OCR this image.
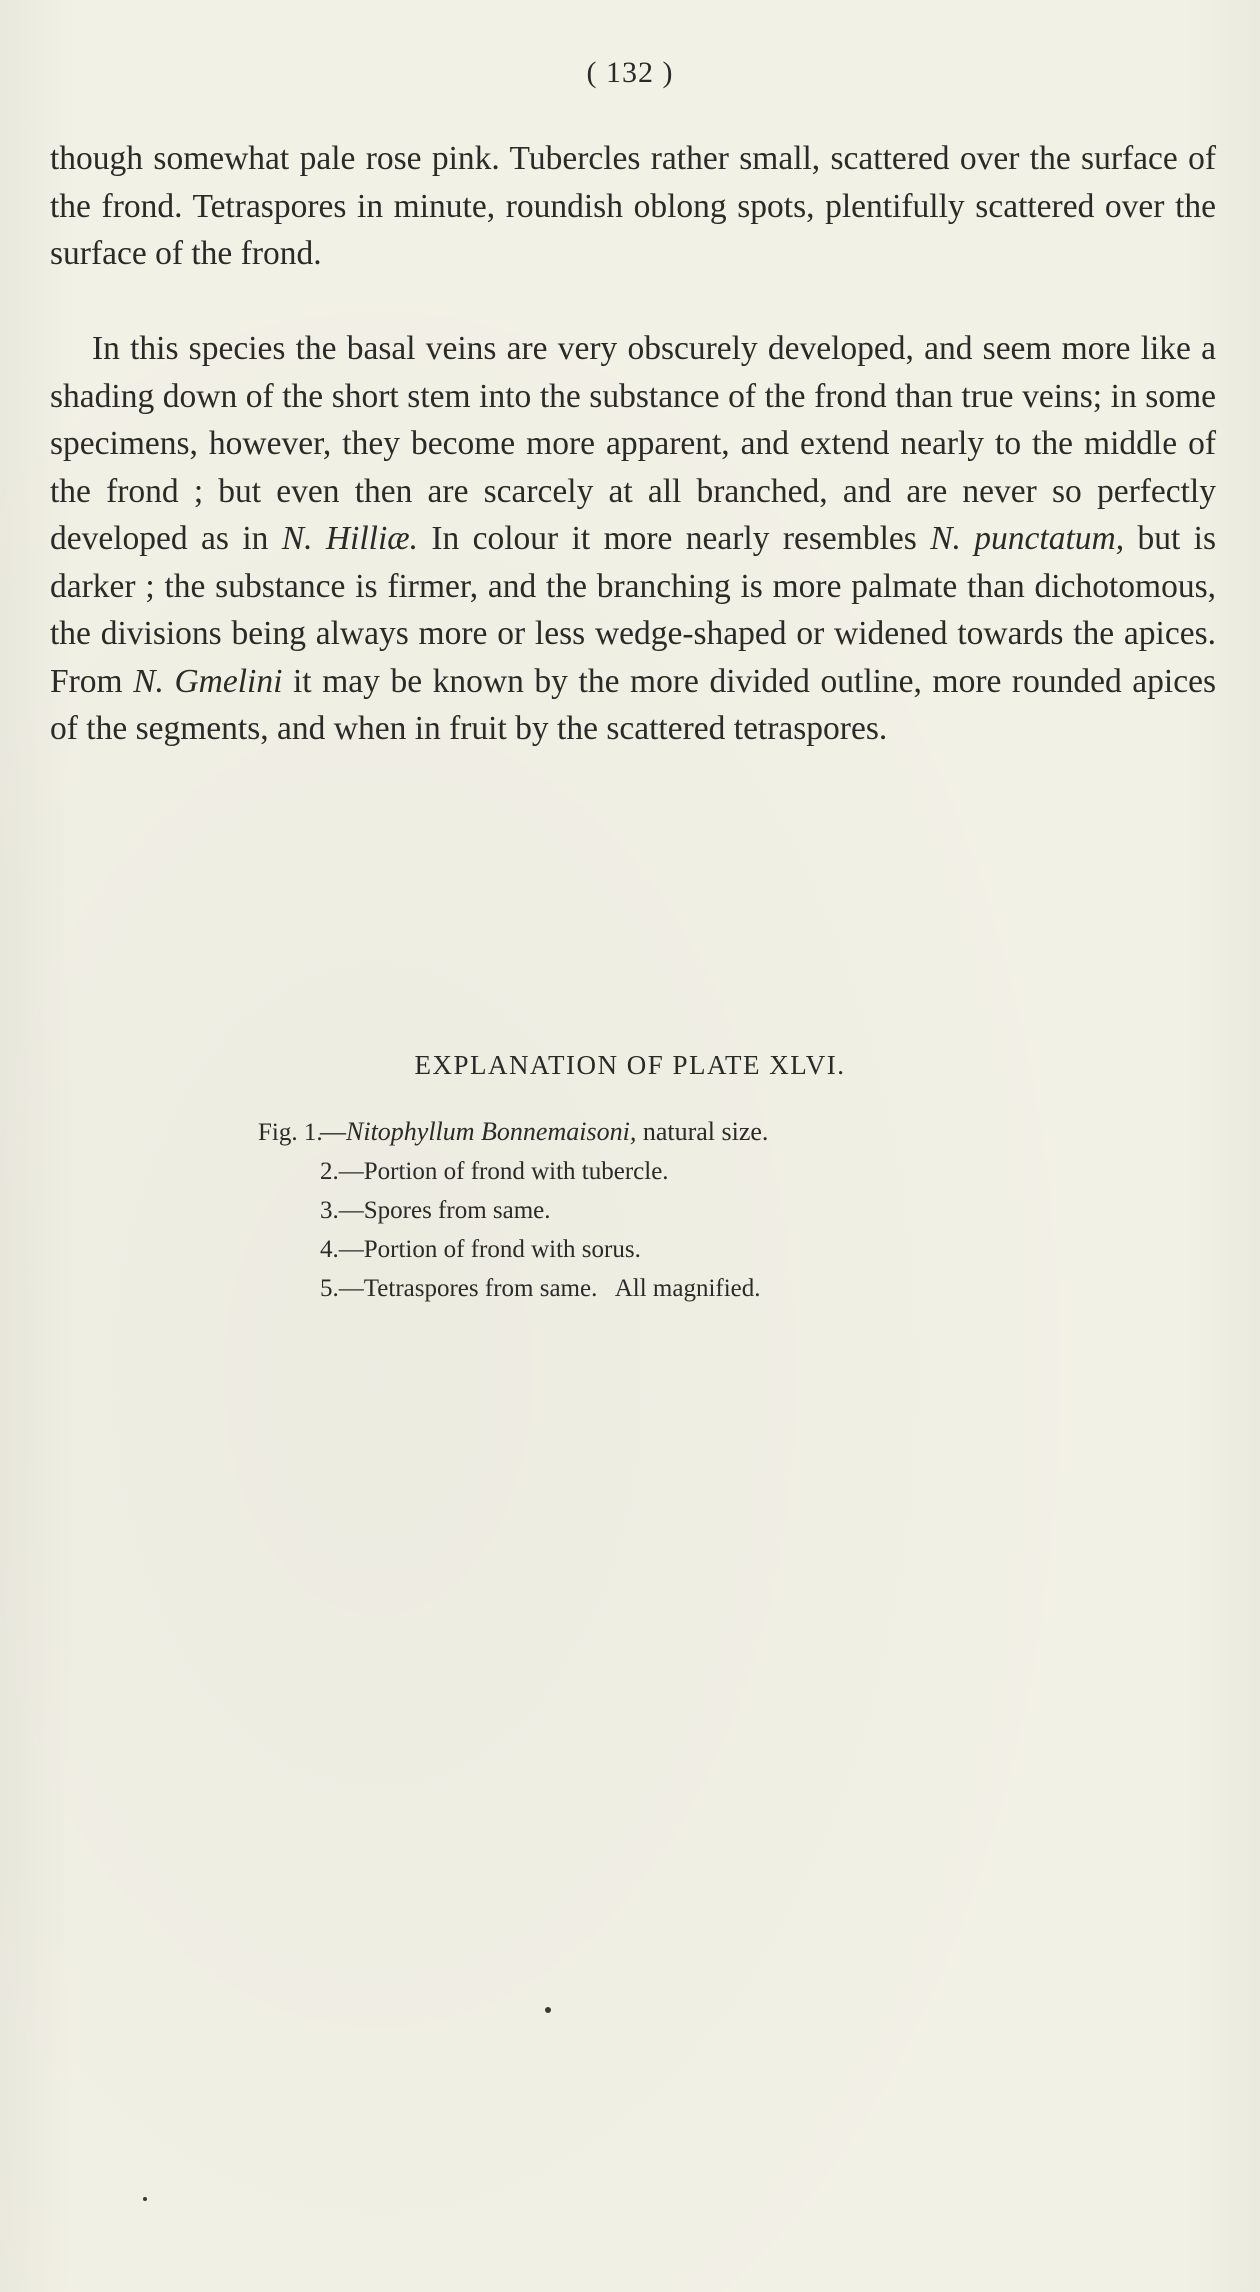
( 132 )

though somewhat pale rose pink. Tubercles rather small, scattered over the surface of the frond. Tetraspores in minute, roundish oblong spots, plentifully scattered over the surface of the frond.

In this species the basal veins are very obscurely developed, and seem more like a shading down of the short stem into the substance of the frond than true veins; in some specimens, however, they become more apparent, and extend nearly to the middle of the frond ; but even then are scarcely at all branched, and are never so perfectly developed as in N. Hilliæ. In colour it more nearly resembles N. punctatum, but is darker ; the substance is firmer, and the branching is more palmate than dichotomous, the divisions being always more or less wedge-shaped or widened towards the apices. From N. Gmelini it may be known by the more divided outline, more rounded apices of the segments, and when in fruit by the scattered tetraspores.

EXPLANATION OF PLATE XLVI.
Fig. 1.—Nitophyllum Bonnemaisoni, natural size.
2.—Portion of frond with tubercle.
3.—Spores from same.
4.—Portion of frond with sorus.
5.—Tetraspores from same.   All magnified.
